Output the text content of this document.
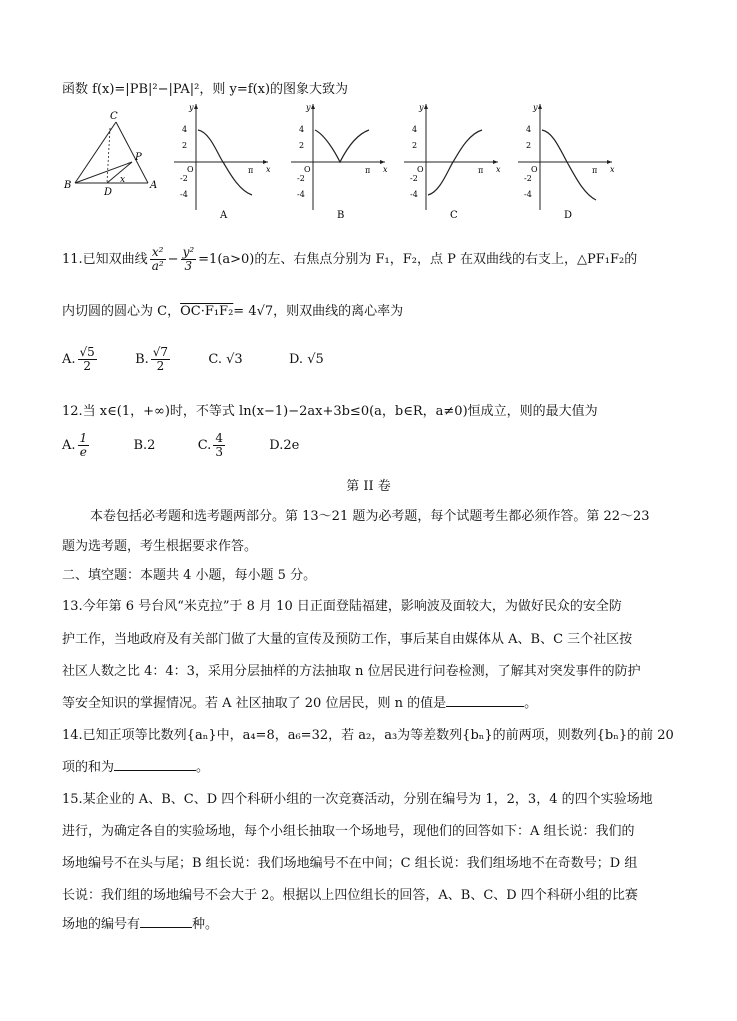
函数 f(x)=|PB|²−|PA|²，则 y=f(x)的图象大致为
C
P
B
D
x A
y
x
O
4
2
-2
-4
π
A
y
x
O
4
2
-2
-4
π
B
y
x
O
4
2
-2
-4
π
C
y
x
O
4
2
-2
-4
π
D
11.已知双曲线 $\frac{\text{x²}}{\text{a²}} - \frac{\text{y²}}{3} =1(a>0)$的左、右焦点分别为 F₁，F₂，点 P 在双曲线的右支上，△PF₁F₂的
内切圆的圆心为 C，OC·F₁F₂= 4√7，则双曲线的离心率为
A. $\frac{√5}{2}$	B. $\frac{√7}{2}$	C. √3	D. √5
12.当 x∈(1，+∞)时，不等式 ln(x−1)−2ax+3b≤0(a，b∈R，a≠0)恒成立，则的最大值为
A. $\frac{1}{e}$	B.2	C. $\frac{4}{3}$	D.2e
第 II 卷
本卷包括必考题和选考题两部分。第 13～21 题为必考题，每个试题考生都必须作答。第 22～23
题为选考题，考生根据要求作答。
二、填空题：本题共 4 小题，每小题 5 分。
13.今年第 6 号台风“米克拉”于 8 月 10 日正面登陆福建，影响波及面较大，为做好民众的安全防
护工作，当地政府及有关部门做了大量的宣传及预防工作，事后某自由媒体从 A、B、C 三个社区按
社区人数之比 4：4：3，采用分层抽样的方法抽取 n 位居民进行问卷检测，了解其对突发事件的防护
等安全知识的掌握情况。若 A 社区抽取了 20 位居民，则 n 的值是	。
14.已知正项等比数列{aₙ}中，a₄=8，a₆=32，若 a₂，a₃为等差数列{bₙ}的前两项，则数列{bₙ}的前 20
项的和为	。
15.某企业的 A、B、C、D 四个科研小组的一次竞赛活动，分别在编号为 1，2，3，4 的四个实验场地
进行，为确定各自的实验场地，每个小组长抽取一个场地号，现他们的回答如下：A 组长说：我们的
场地编号不在头与尾；B 组长说：我们场地编号不在中间；C 组长说：我们组场地不在奇数号；D 组
长说：我们组的场地编号不会大于 2。根据以上四位组长的回答，A、B、C、D 四个科研小组的比赛
场地的编号有	种。
